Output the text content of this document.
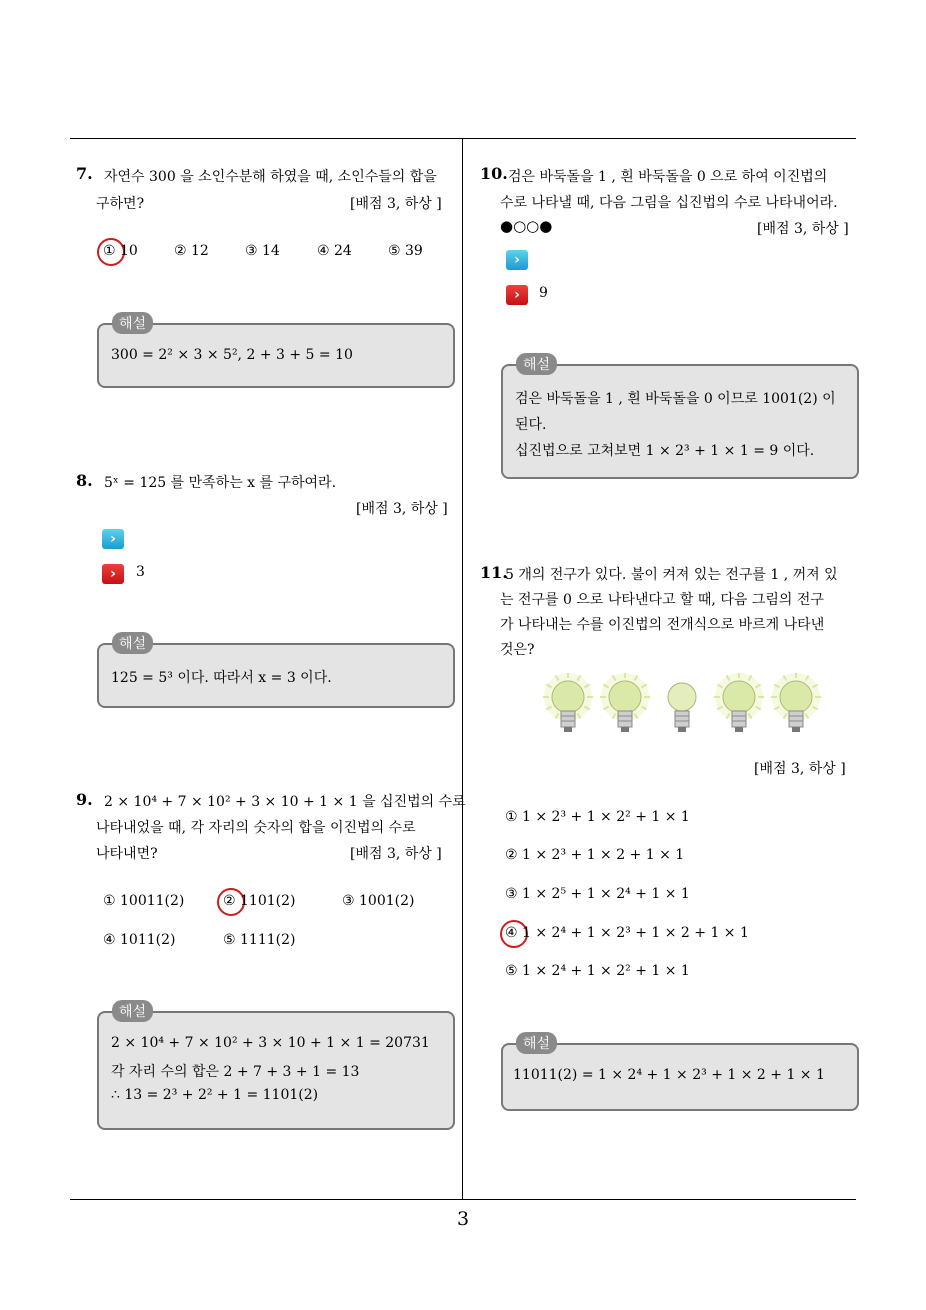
3
7. 자연수 300 을 소인수분해 하였을 때, 소인수들의 합을
구하면?	[배점 3, 하상 ]
① 10	② 12	③ 14	④ 24	⑤ 39
300 = 2² × 3 × 5², 2 + 3 + 5 = 10
해설
8. 5ˣ = 125 를 만족하는 x 를 구하여라.
[배점 3, 하상 ]
›
›	3
125 = 5³ 이다. 따라서 x = 3 이다.
해설
9. 2 × 10⁴ + 7 × 10² + 3 × 10 + 1 × 1 을 십진법의 수로
나타내었을 때, 각 자리의 숫자의 합을 이진법의 수로
나타내면?	[배점 3, 하상 ]
① 10011(2)	② 1101(2)	③ 1001(2)
④ 1011(2)	⑤ 1111(2)
2 × 10⁴ + 7 × 10² + 3 × 10 + 1 × 1 = 20731
각 자리 수의 합은 2 + 7 + 3 + 1 = 13
∴ 13 = 2³ + 2² + 1 = 1101(2)
해설
10. 검은 바둑돌을 1 , 흰 바둑돌을 0 으로 하여 이진법의
수로 나타낼 때, 다음 그림을 십진법의 수로 나타내어라.
●○○●	[배점 3, 하상 ]
›
›	9
검은 바둑돌을 1 , 흰 바둑돌을 0 이므로 1001(2) 이
된다.
십진법으로 고쳐보면 1 × 2³ + 1 × 1 = 9 이다.
해설
11.
5 개의 전구가 있다. 불이 켜져 있는 전구를 1 , 꺼져 있
는 전구를 0 으로 나타낸다고 할 때, 다음 그림의 전구
가 나타내는 수를 이진법의 전개식으로 바르게 나타낸
것은?
[배점 3, 하상 ]
① 1 × 2³ + 1 × 2² + 1 × 1
② 1 × 2³ + 1 × 2 + 1 × 1
③ 1 × 2⁵ + 1 × 2⁴ + 1 × 1
④ 1 × 2⁴ + 1 × 2³ + 1 × 2 + 1 × 1
⑤ 1 × 2⁴ + 1 × 2² + 1 × 1
11011(2) = 1 × 2⁴ + 1 × 2³ + 1 × 2 + 1 × 1
해설
